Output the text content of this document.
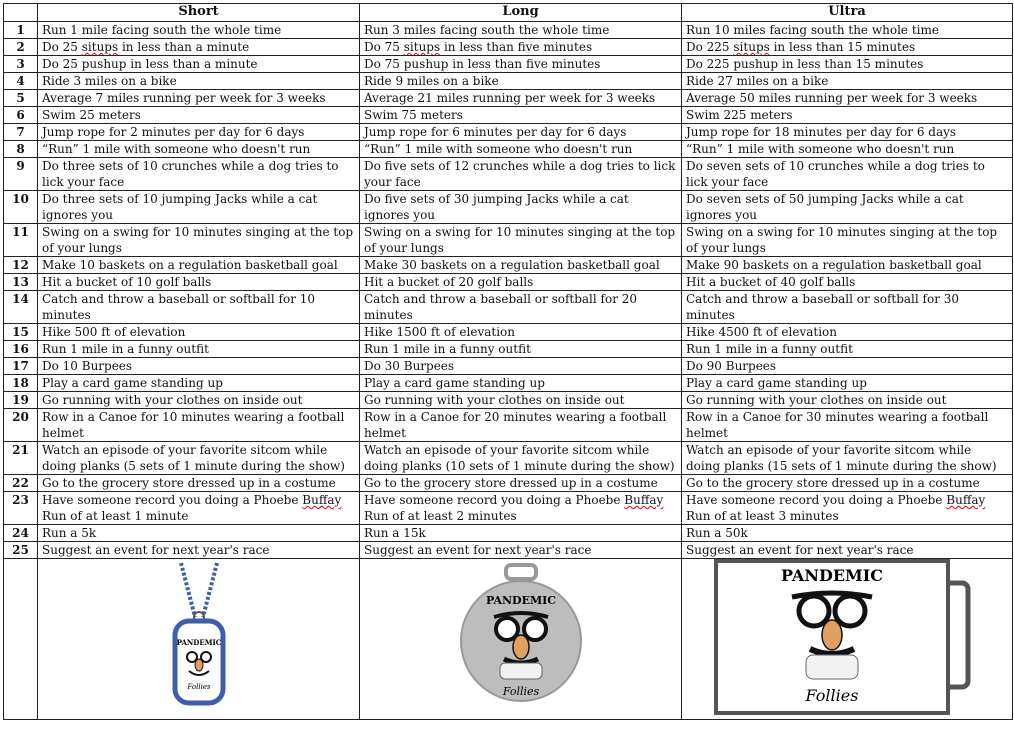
	Short	Long	Ultra
1	Run 1 mile facing south the whole time	Run 3 miles facing south the whole time	Run 10 miles facing south the whole time
2	Do 25 situps in less than a minute	Do 75 situps in less than five minutes	Do 225 situps in less than 15 minutes
3	Do 25 pushup in less than a minute	Do 75 pushup in less than five minutes	Do 225 pushup in less than 15 minutes
4	Ride 3 miles on a bike	Ride 9 miles on a bike	Ride 27 miles on a bike
5	Average 7 miles running per week for 3 weeks	Average 21 miles running per week for 3 weeks	Average 50 miles running per week for 3 weeks
6	Swim 25 meters	Swim 75 meters	Swim 225 meters
7	Jump rope for 2 minutes per day for 6 days	Jump rope for 6 minutes per day for 6 days	Jump rope for 18 minutes per day for 6 days
8	“Run” 1 mile with someone who doesn't run	“Run” 1 mile with someone who doesn't run	“Run” 1 mile with someone who doesn't run
9	Do three sets of 10 crunches while a dog tries to lick your face	Do five sets of 12 crunches while a dog tries to lick your face	Do seven sets of 10 crunches while a dog tries to lick your face
10	Do three sets of 10 jumping Jacks while a cat ignores you	Do five sets of 30 jumping Jacks while a cat ignores you	Do seven sets of 50 jumping Jacks while a cat ignores you
11	Swing on a swing for 10 minutes singing at the top of your lungs	Swing on a swing for 10 minutes singing at the top of your lungs	Swing on a swing for 10 minutes singing at the top of your lungs
12	Make 10 baskets on a regulation basketball goal	Make 30 baskets on a regulation basketball goal	Make 90 baskets on a regulation basketball goal
13	Hit a bucket of 10 golf balls	Hit a bucket of 20 golf balls	Hit a bucket of 40 golf balls
14	Catch and throw a baseball or softball for 10 minutes	Catch and throw a baseball or softball for 20 minutes	Catch and throw a baseball or softball for 30 minutes
15	Hike 500 ft of elevation	Hike 1500 ft of elevation	Hike 4500 ft of elevation
16	Run 1 mile in a funny outfit	Run 1 mile in a funny outfit	Run 1 mile in a funny outfit
17	Do 10 Burpees	Do 30 Burpees	Do 90 Burpees
18	Play a card game standing up	Play a card game standing up	Play a card game standing up
19	Go running with your clothes on inside out	Go running with your clothes on inside out	Go running with your clothes on inside out
20	Row in a Canoe for 10 minutes wearing a football helmet	Row in a Canoe for 20 minutes wearing a football helmet	Row in a Canoe for 30 minutes wearing a football helmet
21	Watch an episode of your favorite sitcom while doing planks (5 sets of 1 minute during the show)	Watch an episode of your favorite sitcom while doing planks (10 sets of 1 minute during the show)	Watch an episode of your favorite sitcom while doing planks (15 sets of 1 minute during the show)
22	Go to the grocery store dressed up in a costume	Go to the grocery store dressed up in a costume	Go to the grocery store dressed up in a costume
23	Have someone record you doing a Phoebe Buffay Run of at least 1 minute	Have someone record you doing a Phoebe Buffay Run of at least 2 minutes	Have someone record you doing a Phoebe Buffay Run of at least 3 minutes
24	Run a 5k	Run a 15k	Run a 50k
25	Suggest an event for next year's race	Suggest an event for next year's race	Suggest an event for next year's race

PANDEMIC
Follies	PANDEMIC
Follies	PANDEMIC
Follies
